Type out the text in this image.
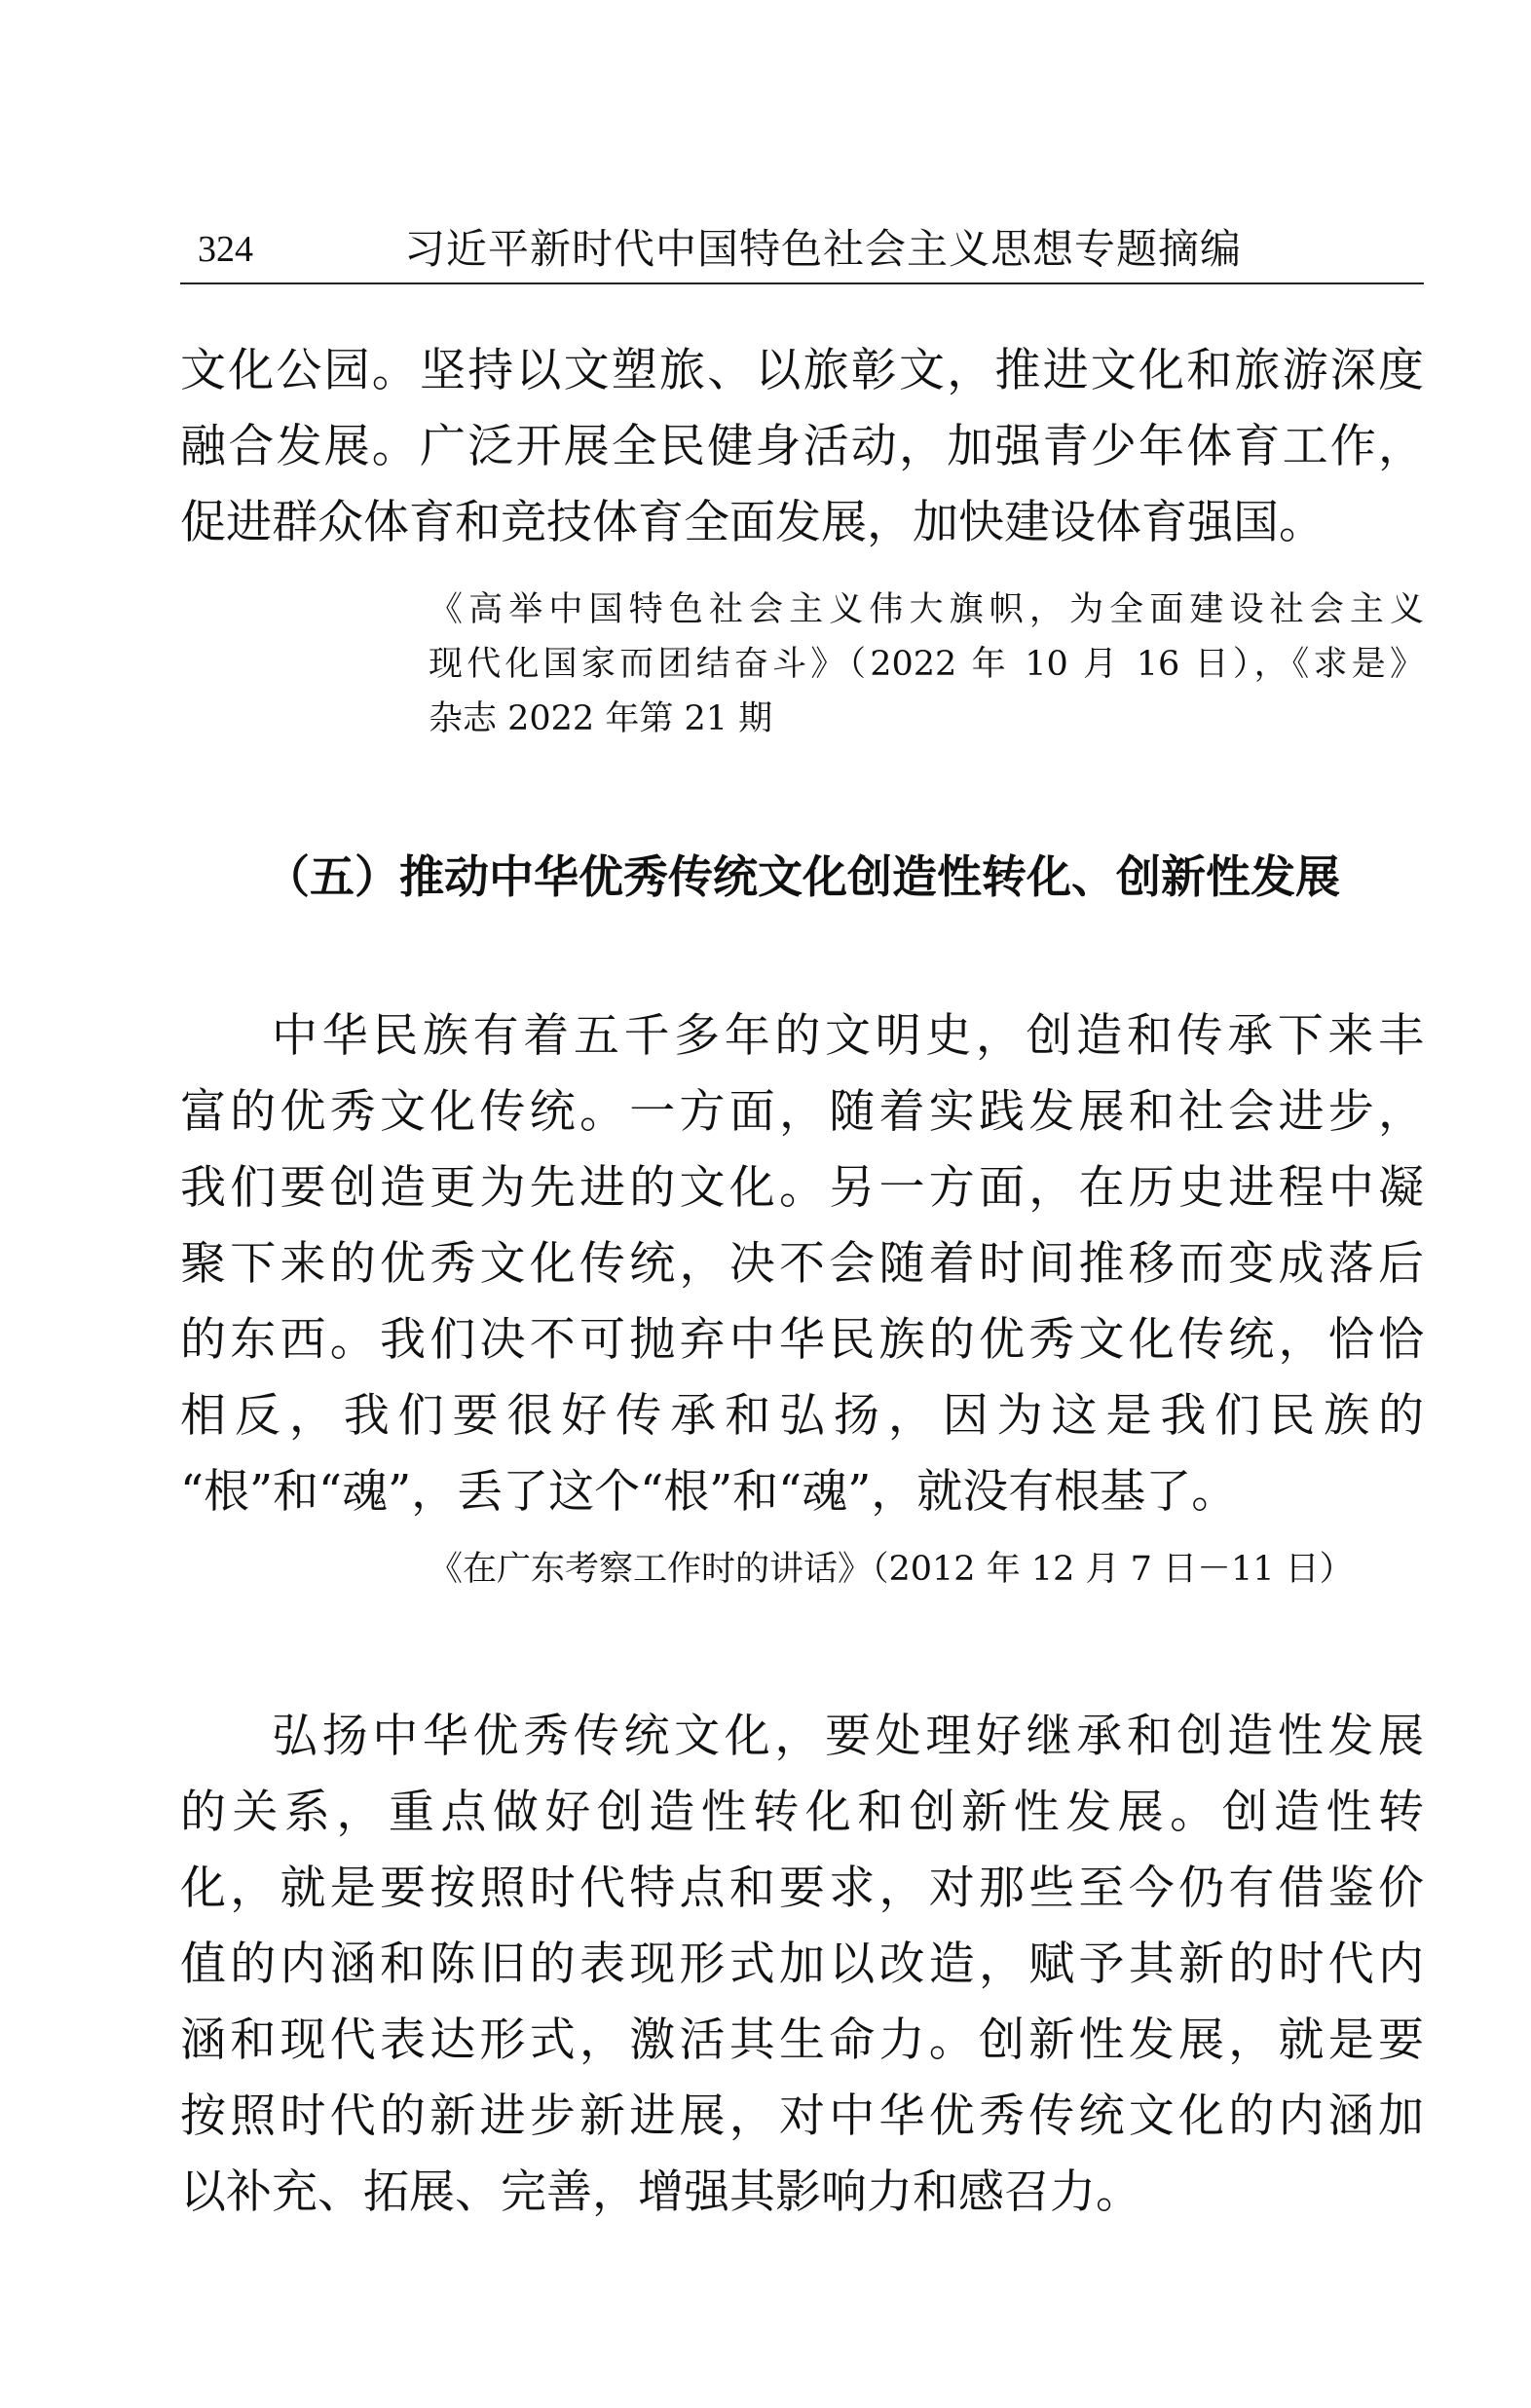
324	习近平新时代中国特色社会主义思想专题摘编

文化公园。坚持以文塑旅、以旅彰文，推进文化和旅游深度
融合发展。广泛开展全民健身活动，加强青少年体育工作，
促进群众体育和竞技体育全面发展，加快建设体育强国。

《高举中国特色社会主义伟大旗帜，为全面建设社会主义
现代化国家而团结奋斗》（2022 年 10 月 16 日），《求是》
杂志 2022 年第 21 期

（五）推动中华优秀传统文化创造性转化、创新性发展

中华民族有着五千多年的文明史，创造和传承下来丰
富的优秀文化传统。一方面，随着实践发展和社会进步，
我们要创造更为先进的文化。另一方面，在历史进程中凝
聚下来的优秀文化传统，决不会随着时间推移而变成落后
的东西。我们决不可抛弃中华民族的优秀文化传统，恰恰
相反，我们要很好传承和弘扬，因为这是我们民族的
“根”和“魂”，丢了这个“根”和“魂”，就没有根基了。

《在广东考察工作时的讲话》（2012 年 12 月 7 日－11 日）

弘扬中华优秀传统文化，要处理好继承和创造性发展
的关系，重点做好创造性转化和创新性发展。创造性转
化，就是要按照时代特点和要求，对那些至今仍有借鉴价
值的内涵和陈旧的表现形式加以改造，赋予其新的时代内
涵和现代表达形式，激活其生命力。创新性发展，就是要
按照时代的新进步新进展，对中华优秀传统文化的内涵加
以补充、拓展、完善，增强其影响力和感召力。
